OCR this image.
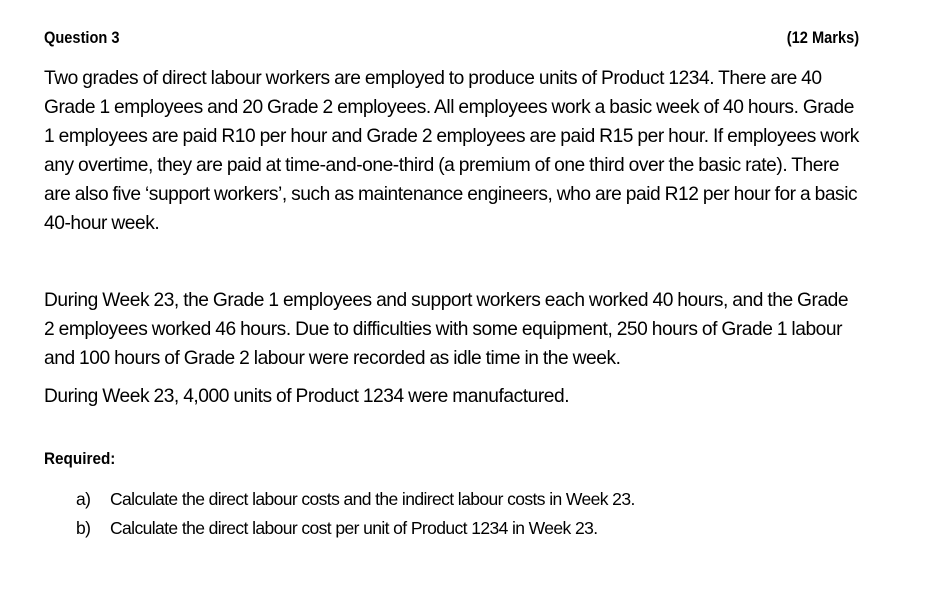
Question 3	(12 Marks)

Two grades of direct labour workers are employed to produce units of Product 1234. There are 40 Grade 1 employees and 20 Grade 2 employees. All employees work a basic week of 40 hours. Grade 1 employees are paid R10 per hour and Grade 2 employees are paid R15 per hour. If employees work any overtime, they are paid at time-and-one-third (a premium of one third over the basic rate). There are also five ‘support workers’, such as maintenance engineers, who are paid R12 per hour for a basic 40-hour week.

During Week 23, the Grade 1 employees and support workers each worked 40 hours, and the Grade 2 employees worked 46 hours. Due to difficulties with some equipment, 250 hours of Grade 1 labour and 100 hours of Grade 2 labour were recorded as idle time in the week.

During Week 23, 4,000 units of Product 1234 were manufactured.

Required:
a)	Calculate the direct labour costs and the indirect labour costs in Week 23.
b)	Calculate the direct labour cost per unit of Product 1234 in Week 23.
